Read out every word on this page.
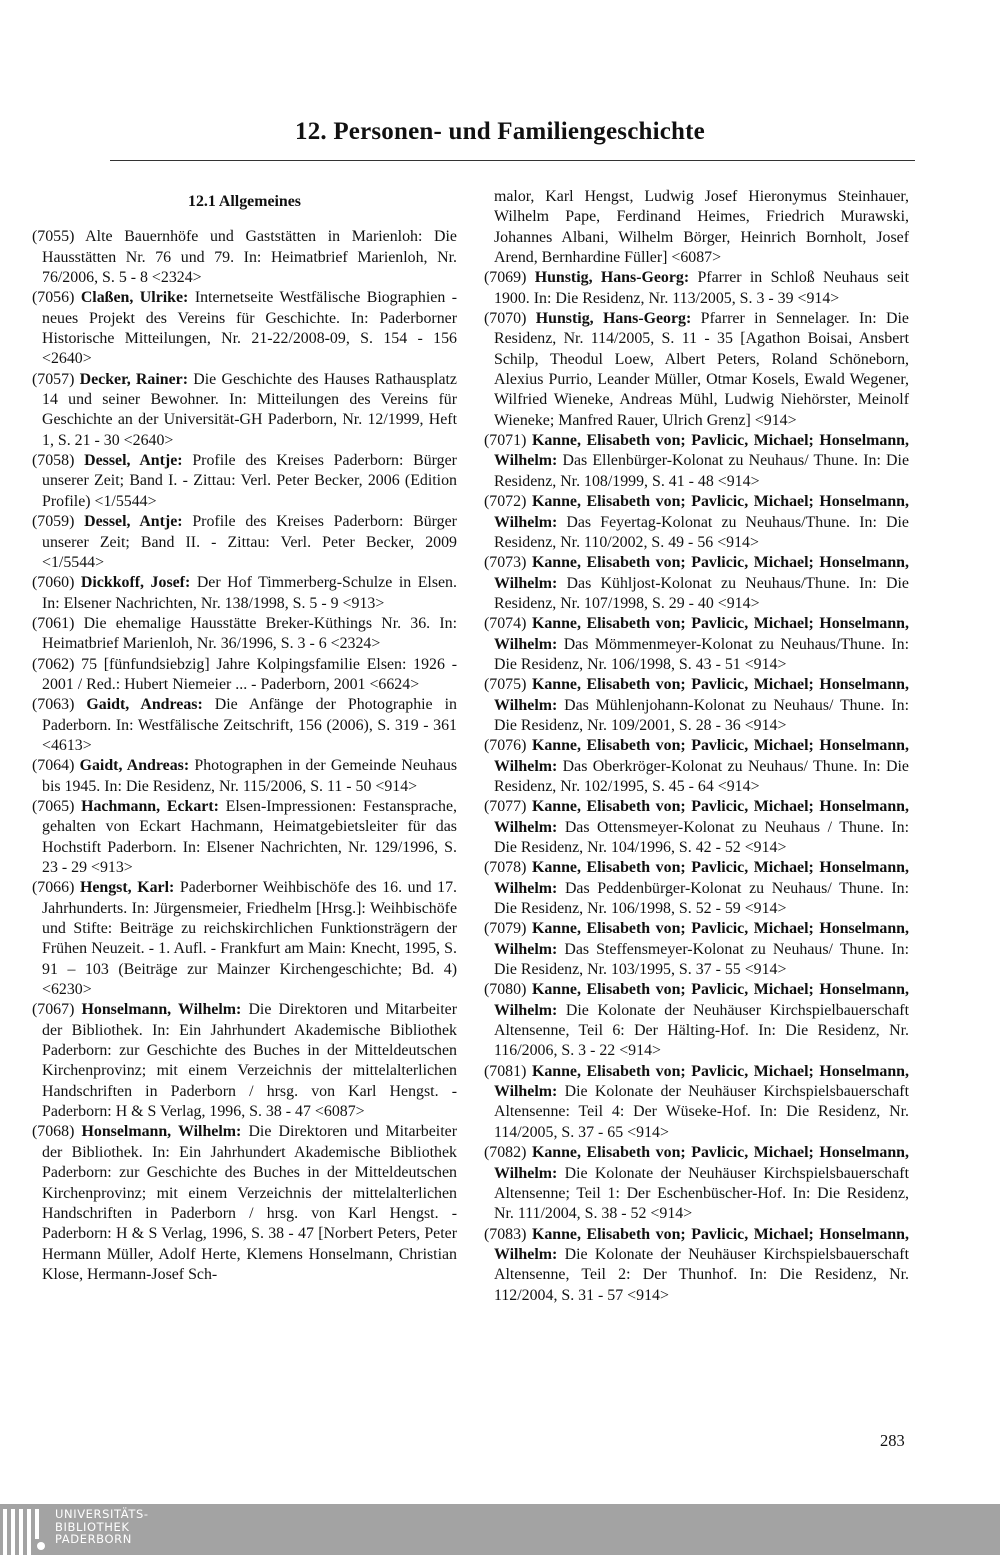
12. Personen- und Familiengeschichte
12.1 Allgemeines

(7055) Alte Bauernhöfe und Gaststätten in Marienloh: Die Hausstätten Nr. 76 und 79. In: Heimatbrief Marienloh, Nr. 76/2006, S. 5 - 8 <2324>

(7056) Claßen, Ulrike: Internetseite Westfälische Biographien - neues Projekt des Vereins für Geschichte. In: Paderborner Historische Mitteilungen, Nr. 21-22/2008-09, S. 154 - 156 <2640>

(7057) Decker, Rainer: Die Geschichte des Hauses Rathausplatz 14 und seiner Bewohner. In: Mitteilungen des Vereins für Geschichte an der Universität-GH Paderborn, Nr. 12/1999, Heft 1, S. 21 - 30 <2640>

(7058) Dessel, Antje: Profile des Kreises Paderborn: Bürger unserer Zeit; Band I. - Zittau: Verl. Peter Becker, 2006 (Edition Profile) <1/5544>

(7059) Dessel, Antje: Profile des Kreises Paderborn: Bürger unserer Zeit; Band II. - Zittau: Verl. Peter Becker, 2009 <1/5544>

(7060) Dickkoff, Josef: Der Hof Timmerberg-Schulze in Elsen. In: Elsener Nachrichten, Nr. 138/1998, S. 5 - 9 <913>

(7061) Die ehemalige Hausstätte Breker-Küthings Nr. 36. In: Heimatbrief Marienloh, Nr. 36/1996, S. 3 - 6 <2324>

(7062) 75 [fünfundsiebzig] Jahre Kolpingsfamilie Elsen: 1926 - 2001 / Red.: Hubert Niemeier ... - Paderborn, 2001 <6624>

(7063) Gaidt, Andreas: Die Anfänge der Photographie in Paderborn. In: Westfälische Zeitschrift, 156 (2006), S. 319 - 361 <4613>

(7064) Gaidt, Andreas: Photographen in der Gemeinde Neuhaus bis 1945. In: Die Residenz, Nr. 115/2006, S. 11 - 50 <914>

(7065) Hachmann, Eckart: Elsen-Impressionen: Festansprache, gehalten von Eckart Hachmann, Heimatgebietsleiter für das Hochstift Paderborn. In: Elsener Nachrichten, Nr. 129/1996, S. 23 - 29 <913>

(7066) Hengst, Karl: Paderborner Weihbischöfe des 16. und 17. Jahrhunderts. In: Jürgensmeier, Friedhelm [Hrsg.]: Weihbischöfe und Stifte: Beiträge zu reichskirchlichen Funktionsträgern der Frühen Neuzeit. - 1. Aufl. - Frankfurt am Main: Knecht, 1995, S. 91 – 103 (Beiträge zur Mainzer Kirchengeschichte; Bd. 4) <6230>

(7067) Honselmann, Wilhelm: Die Direktoren und Mitarbeiter der Bibliothek. In: Ein Jahrhundert Akademische Bibliothek Paderborn: zur Geschichte des Buches in der Mitteldeutschen Kirchenprovinz; mit einem Verzeichnis der mittelalterlichen Handschriften in Paderborn / hrsg. von Karl Hengst. - Paderborn: H & S Verlag, 1996, S. 38 - 47 <6087>

(7068) Honselmann, Wilhelm: Die Direktoren und Mitarbeiter der Bibliothek. In: Ein Jahrhundert Akademische Bibliothek Paderborn: zur Geschichte des Buches in der Mitteldeutschen Kirchenprovinz; mit einem Verzeichnis der mittelalterlichen Handschriften in Paderborn / hrsg. von Karl Hengst. - Paderborn: H & S Verlag, 1996, S. 38 - 47 [Norbert Peters, Peter Hermann Müller, Adolf Herte, Klemens Honselmann, Christian Klose, Hermann-Josef Sch-

malor, Karl Hengst, Ludwig Josef Hieronymus Steinhauer, Wilhelm Pape, Ferdinand Heimes, Friedrich Murawski, Johannes Albani, Wilhelm Börger, Heinrich Bornholt, Josef Arend, Bernhardine Füller] <6087>

(7069) Hunstig, Hans-Georg: Pfarrer in Schloß Neuhaus seit 1900. In: Die Residenz, Nr. 113/2005, S. 3 - 39 <914>

(7070) Hunstig, Hans-Georg: Pfarrer in Sennelager. In: Die Residenz, Nr. 114/2005, S. 11 - 35 [Agathon Boisai, Ansbert Schilp, Theodul Loew, Albert Peters, Roland Schöneborn, Alexius Purrio, Leander Müller, Otmar Kosels, Ewald Wegener, Wilfried Wieneke, Andreas Mühl, Ludwig Niehörster, Meinolf Wieneke; Manfred Rauer, Ulrich Grenz] <914>

(7071) Kanne, Elisabeth von; Pavlicic, Michael; Honselmann, Wilhelm: Das Ellenbürger-Kolonat zu Neuhaus/ Thune. In: Die Residenz, Nr. 108/1999, S. 41 - 48 <914>

(7072) Kanne, Elisabeth von; Pavlicic, Michael; Honselmann, Wilhelm: Das Feyertag-Kolonat zu Neuhaus/Thune. In: Die Residenz, Nr. 110/2002, S. 49 - 56 <914>

(7073) Kanne, Elisabeth von; Pavlicic, Michael; Honselmann, Wilhelm: Das Kühljost-Kolonat zu Neuhaus/Thune. In: Die Residenz, Nr. 107/1998, S. 29 - 40 <914>

(7074) Kanne, Elisabeth von; Pavlicic, Michael; Honselmann, Wilhelm: Das Mömmenmeyer-Kolonat zu Neuhaus/Thune. In: Die Residenz, Nr. 106/1998, S. 43 - 51 <914>

(7075) Kanne, Elisabeth von; Pavlicic, Michael; Honselmann, Wilhelm: Das Mühlenjohann-Kolonat zu Neuhaus/ Thune. In: Die Residenz, Nr. 109/2001, S. 28 - 36 <914>

(7076) Kanne, Elisabeth von; Pavlicic, Michael; Honselmann, Wilhelm: Das Oberkröger-Kolonat zu Neuhaus/ Thune. In: Die Residenz, Nr. 102/1995, S. 45 - 64 <914>

(7077) Kanne, Elisabeth von; Pavlicic, Michael; Honselmann, Wilhelm: Das Ottensmeyer-Kolonat zu Neuhaus / Thune. In: Die Residenz, Nr. 104/1996, S. 42 - 52 <914>

(7078) Kanne, Elisabeth von; Pavlicic, Michael; Honselmann, Wilhelm: Das Peddenbürger-Kolonat zu Neuhaus/ Thune. In: Die Residenz, Nr. 106/1998, S. 52 - 59 <914>

(7079) Kanne, Elisabeth von; Pavlicic, Michael; Honselmann, Wilhelm: Das Steffensmeyer-Kolonat zu Neuhaus/ Thune. In: Die Residenz, Nr. 103/1995, S. 37 - 55 <914>

(7080) Kanne, Elisabeth von; Pavlicic, Michael; Honselmann, Wilhelm: Die Kolonate der Neuhäuser Kirchspielbauerschaft Altensenne, Teil 6: Der Hälting-Hof. In: Die Residenz, Nr. 116/2006, S. 3 - 22 <914>

(7081) Kanne, Elisabeth von; Pavlicic, Michael; Honselmann, Wilhelm: Die Kolonate der Neuhäuser Kirchspielsbauerschaft Altensenne: Teil 4: Der Wüseke-Hof. In: Die Residenz, Nr. 114/2005, S. 37 - 65 <914>

(7082) Kanne, Elisabeth von; Pavlicic, Michael; Honselmann, Wilhelm: Die Kolonate der Neuhäuser Kirchspielsbauerschaft Altensenne; Teil 1: Der Eschenbüscher-Hof. In: Die Residenz, Nr. 111/2004, S. 38 - 52 <914>

(7083) Kanne, Elisabeth von; Pavlicic, Michael; Honselmann, Wilhelm: Die Kolonate der Neuhäuser Kirchspielsbauerschaft Altensenne, Teil 2: Der Thunhof. In: Die Residenz, Nr. 112/2004, S. 31 - 57 <914>

283
UNIVERSITÄTS-
BIBLIOTHEK
PADERBORN
